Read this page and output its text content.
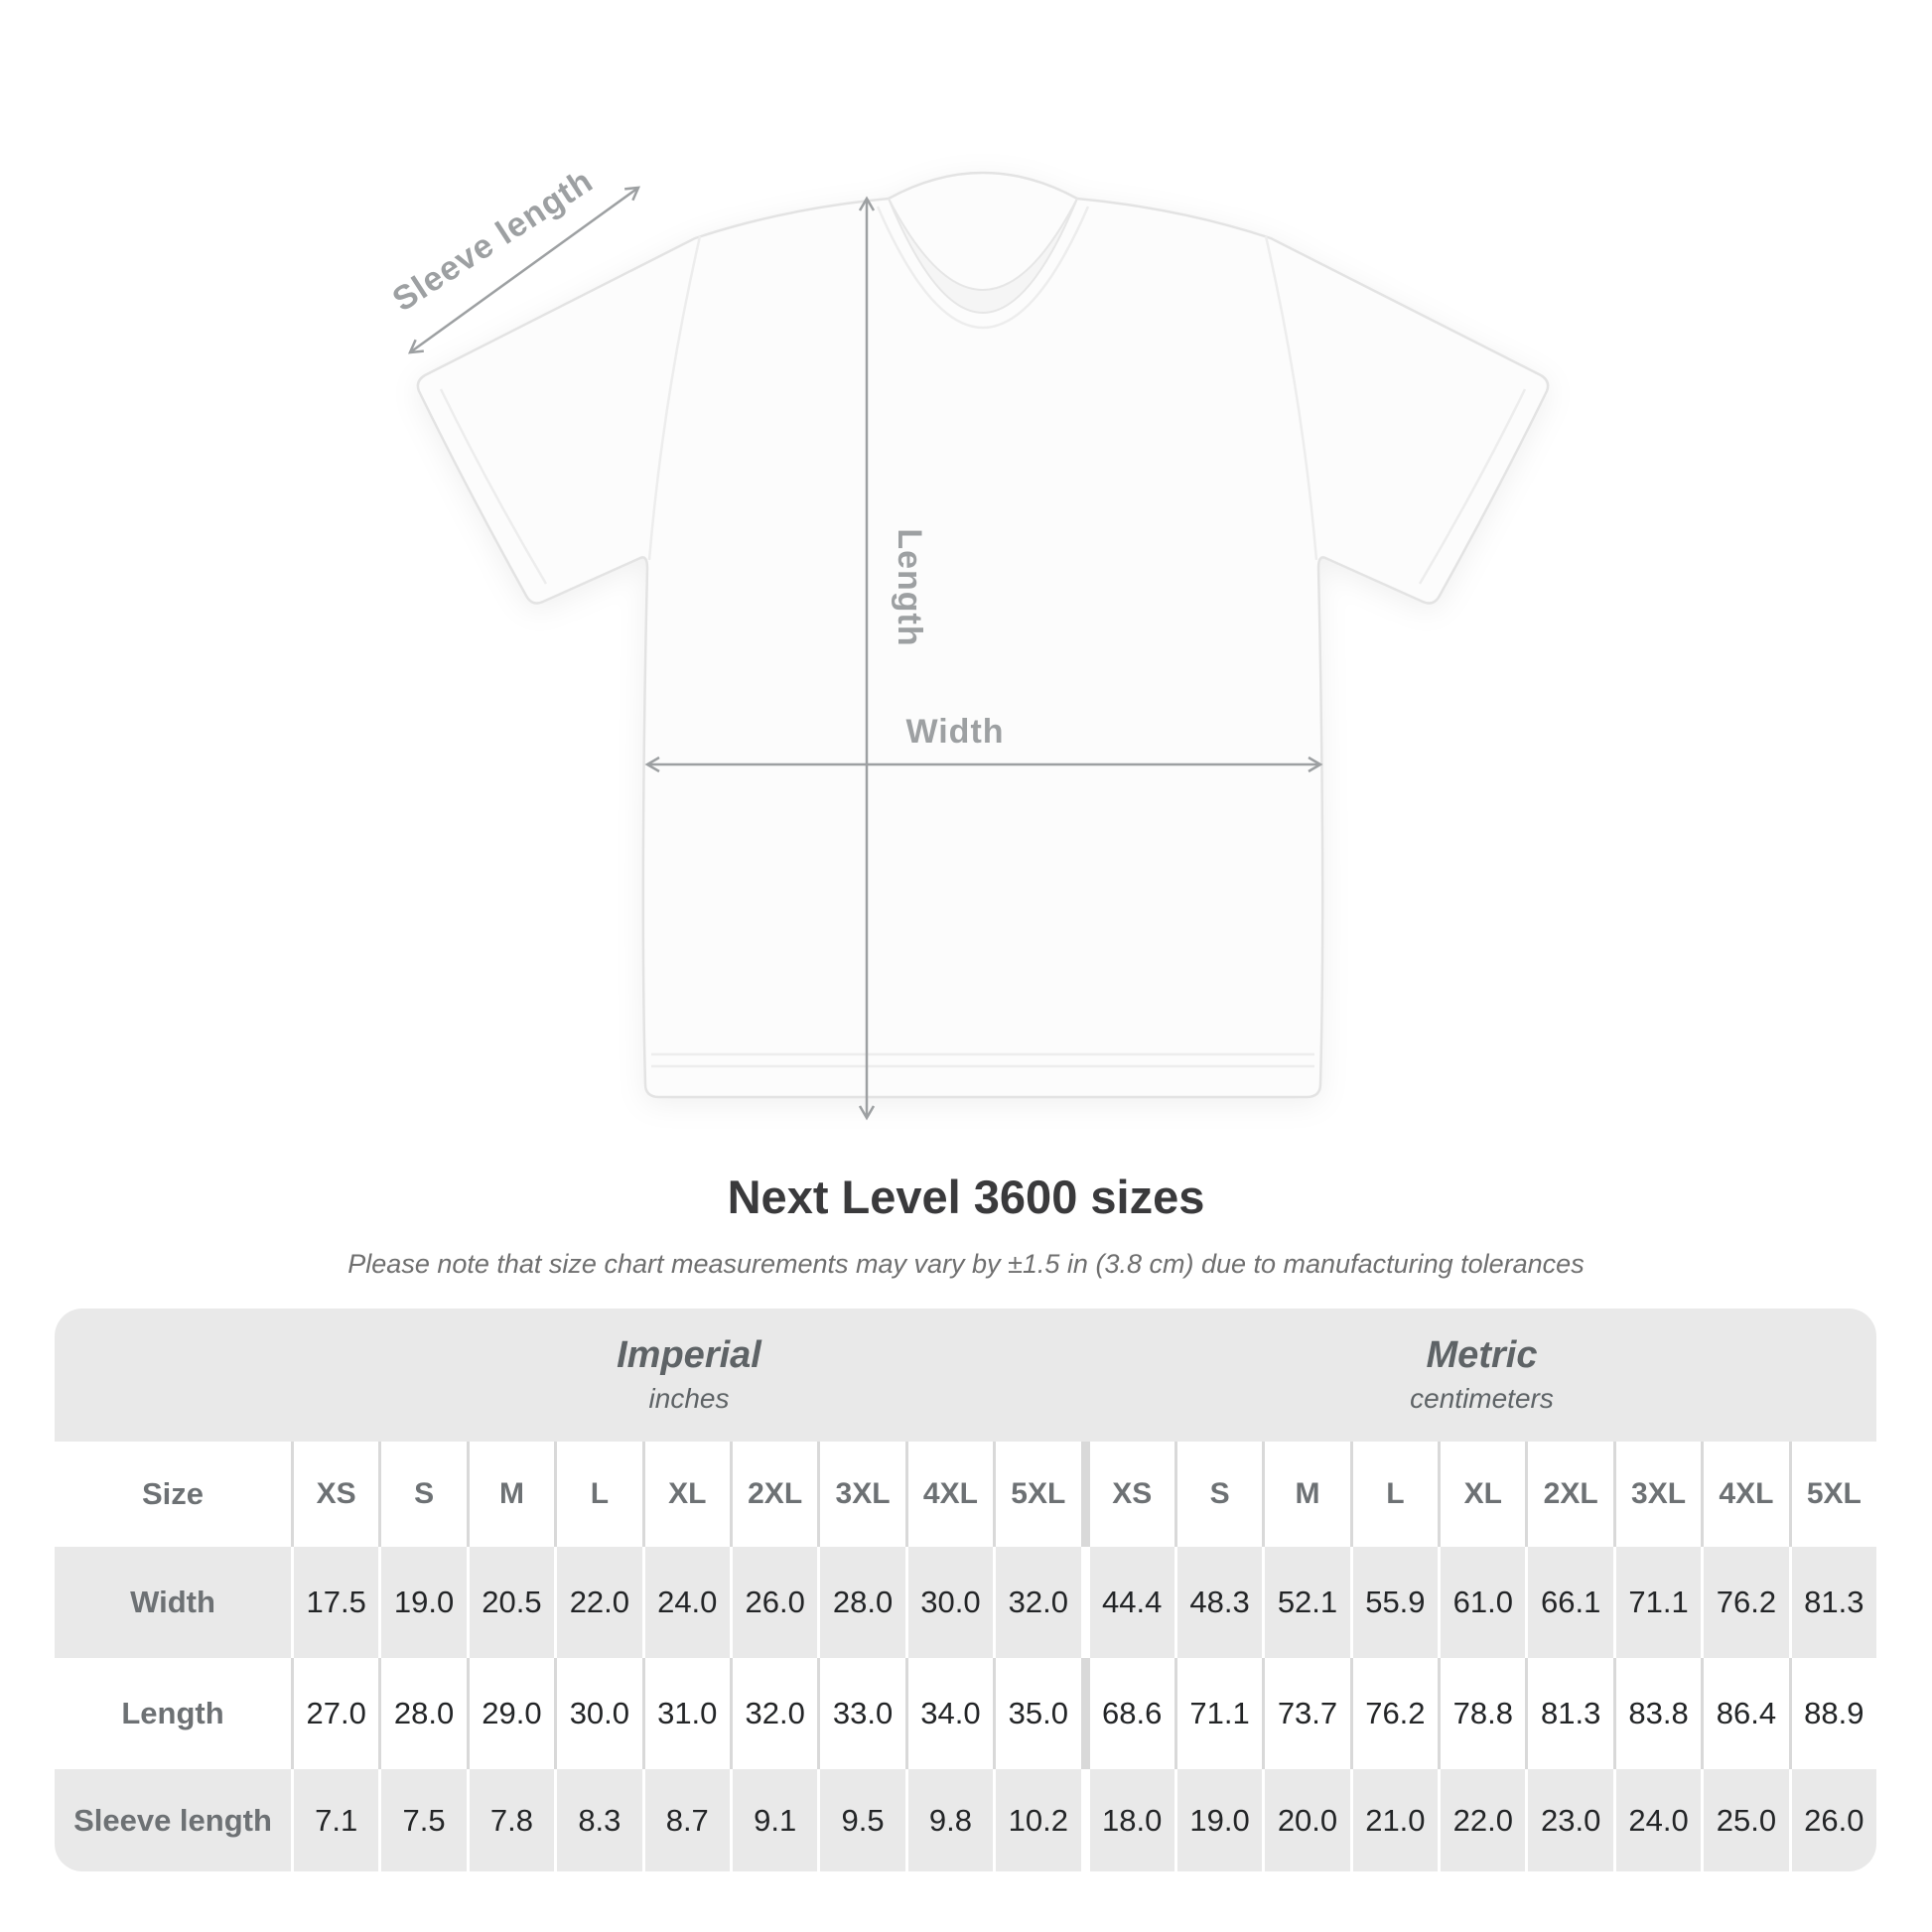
Sleeve length
Length
Width
Next Level 3600 sizes
Please note that size chart measurements may vary by ±1.5 in (3.8 cm) due to manufacturing tolerances
Imperial
inches
Metric
centimeters
Size	XS	S	M	L	XL	2XL	3XL	4XL	5XL	XS	S	M	L	XL	2XL	3XL	4XL	5XL
Width	17.5 19.0 20.5 22.0 24.0 26.0 28.0 30.0 32.0	44.4 48.3 52.1 55.9 61.0 66.1 71.1 76.2 81.3
Length	27.0 28.0 29.0 30.0 31.0 32.0 33.0 34.0 35.0	68.6 71.1 73.7 76.2 78.8 81.3 83.8 86.4 88.9
Sleeve length	7.1	7.5	7.8	8.3	8.7	9.1	9.5	9.8	10.2	18.0 19.0 20.0 21.0 22.0 23.0 24.0 25.0 26.0
